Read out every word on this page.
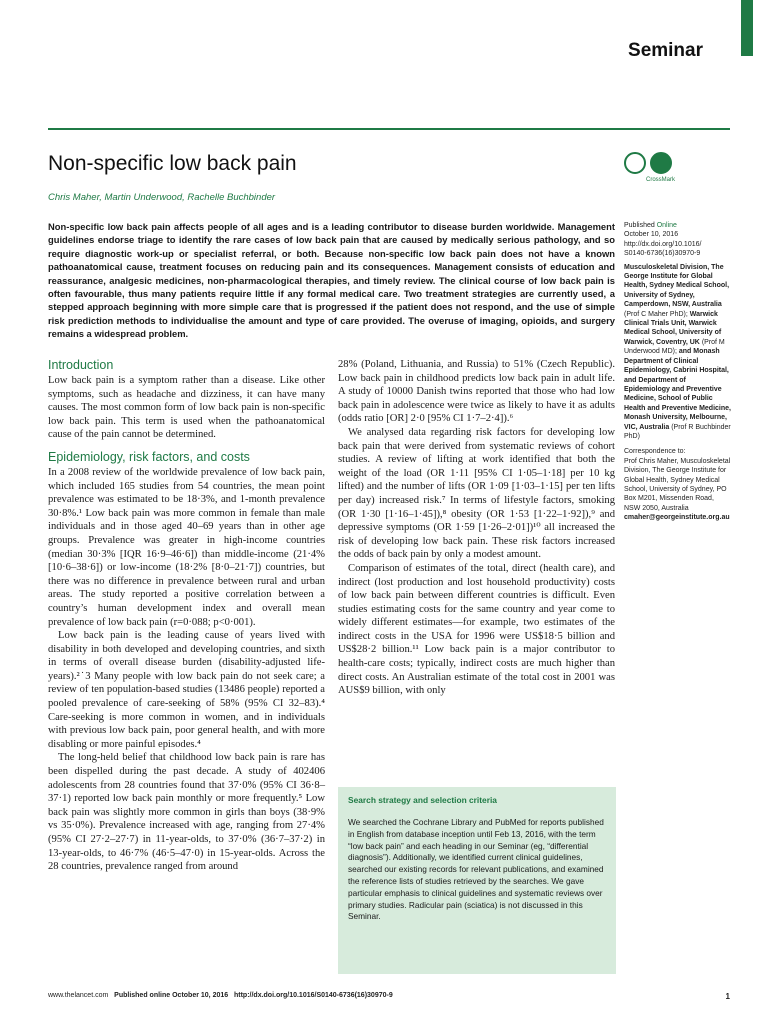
Seminar
Non-specific low back pain
Chris Maher, Martin Underwood, Rachelle Buchbinder
CrossMark
Non-specific low back pain affects people of all ages and is a leading contributor to disease burden worldwide. Management guidelines endorse triage to identify the rare cases of low back pain that are caused by medically serious pathology, and so require diagnostic work-up or specialist referral, or both. Because non-specific low back pain does not have a known pathoanatomical cause, treatment focuses on reducing pain and its consequences. Management consists of education and reassurance, analgesic medicines, non-pharmacological therapies, and timely review. The clinical course of low back pain is often favourable, thus many patients require little if any formal medical care. Two treatment strategies are currently used, a stepped approach beginning with more simple care that is progressed if the patient does not respond, and the use of simple risk prediction methods to individualise the amount and type of care provided. The overuse of imaging, opioids, and surgery remains a widespread problem.
Published Online
October 10, 2016
http://dx.doi.org/10.1016/
S0140-6736(16)30970-9
Musculoskeletal Division, The George Institute for Global Health, Sydney Medical School, University of Sydney, Camperdown, NSW, Australia (Prof C Maher PhD); Warwick Clinical Trials Unit, Warwick Medical School, University of Warwick, Coventry, UK (Prof M Underwood MD); and Monash Department of Clinical Epidemiology, Cabrini Hospital, and Department of Epidemiology and Preventive Medicine, School of Public Health and Preventive Medicine, Monash University, Melbourne, VIC, Australia (Prof R Buchbinder PhD)
Correspondence to:
Prof Chris Maher, Musculoskeletal Division, The George Institute for Global Health, Sydney Medical School, University of Sydney, PO Box M201, Missenden Road, NSW 2050, Australia
cmaher@georgeinstitute.org.au
Introduction

Low back pain is a symptom rather than a disease. Like other symptoms, such as headache and dizziness, it can have many causes. The most common form of low back pain is non-specific low back pain. This term is used when the pathoanatomical cause of the pain cannot be determined.

Epidemiology, risk factors, and costs

In a 2008 review of the worldwide prevalence of low back pain, which included 165 studies from 54 countries, the mean point prevalence was estimated to be 18·3%, and 1-month prevalence 30·8%.¹ Low back pain was more common in female than male individuals and in those aged 40–69 years than in other age groups. Prevalence was greater in high-income countries (median 30·3% [IQR 16·9–46·6]) than middle-income (21·4% [10·6–38·6]) or low-income (18·2% [8·0–21·7]) countries, but there was no difference in prevalence between rural and urban areas. The study reported a positive correlation between a country’s human development index and overall mean prevalence of low back pain (r=0·088; p<0·001).

Low back pain is the leading cause of years lived with disability in both developed and developing countries, and sixth in terms of overall disease burden (disability-adjusted life-years).²˙3 Many people with low back pain do not seek care; a review of ten population-based studies (13486 people) reported a pooled prevalence of care-seeking of 58% (95% CI 32–83).⁴ Care-seeking is more common in women, and in individuals with previous low back pain, poor general health, and with more disabling or more painful episodes.⁴

The long-held belief that childhood low back pain is rare has been dispelled during the past decade. A study of 402406 adolescents from 28 countries found that 37·0% (95% CI 36·8–37·1) reported low back pain monthly or more frequently.⁵ Low back pain was slightly more common in girls than boys (38·9% vs 35·0%). Prevalence increased with age, ranging from 27·4% (95% CI 27·2–27·7) in 11-year-olds, to 37·0% (36·7–37·2) in 13-year-olds, to 46·7% (46·5–47·0) in 15-year-olds. Across the 28 countries, prevalence ranged from around

28% (Poland, Lithuania, and Russia) to 51% (Czech Republic). Low back pain in childhood predicts low back pain in adult life. A study of 10000 Danish twins reported that those who had low back pain in adolescence were twice as likely to have it as adults (odds ratio [OR] 2·0 [95% CI 1·7–2·4]).⁶

We analysed data regarding risk factors for developing low back pain that were derived from systematic reviews of cohort studies. A review of lifting at work identified that both the weight of the load (OR 1·11 [95% CI 1·05–1·18] per 10 kg lifted) and the number of lifts (OR 1·09 [1·03–1·15] per ten lifts per day) increased risk.⁷ In terms of lifestyle factors, smoking (OR 1·30 [1·16–1·45]),⁸ obesity (OR 1·53 [1·22–1·92]),⁹ and depressive symptoms (OR 1·59 [1·26–2·01])¹⁰ all increased the risk of developing low back pain. These risk factors increased the odds of back pain by only a modest amount.

Comparison of estimates of the total, direct (health care), and indirect (lost production and lost household productivity) costs of low back pain between different countries is difficult. Even studies estimating costs for the same country and year come to widely different estimates—for example, two estimates of the indirect costs in the USA for 1996 were US$18·5 billion and US$28·2 billion.¹¹ Low back pain is a major contributor to health-care costs; typically, indirect costs are much higher than direct costs. An Australian estimate of the total cost in 2001 was AUS$9 billion, with only

Search strategy and selection criteria
We searched the Cochrane Library and PubMed for reports published in English from database inception until Feb 13, 2016, with the term “low back pain” and each heading in our Seminar (eg, “differential diagnosis”). Additionally, we identified current clinical guidelines, searched our existing records for relevant publications, and examined the reference lists of studies retrieved by the searches. We gave particular emphasis to clinical guidelines and systematic reviews over primary studies. Radicular pain (sciatica) is not discussed in this Seminar.
www.thelancet.com Published online October 10, 2016 http://dx.doi.org/10.1016/S0140-6736(16)30970-9	1
